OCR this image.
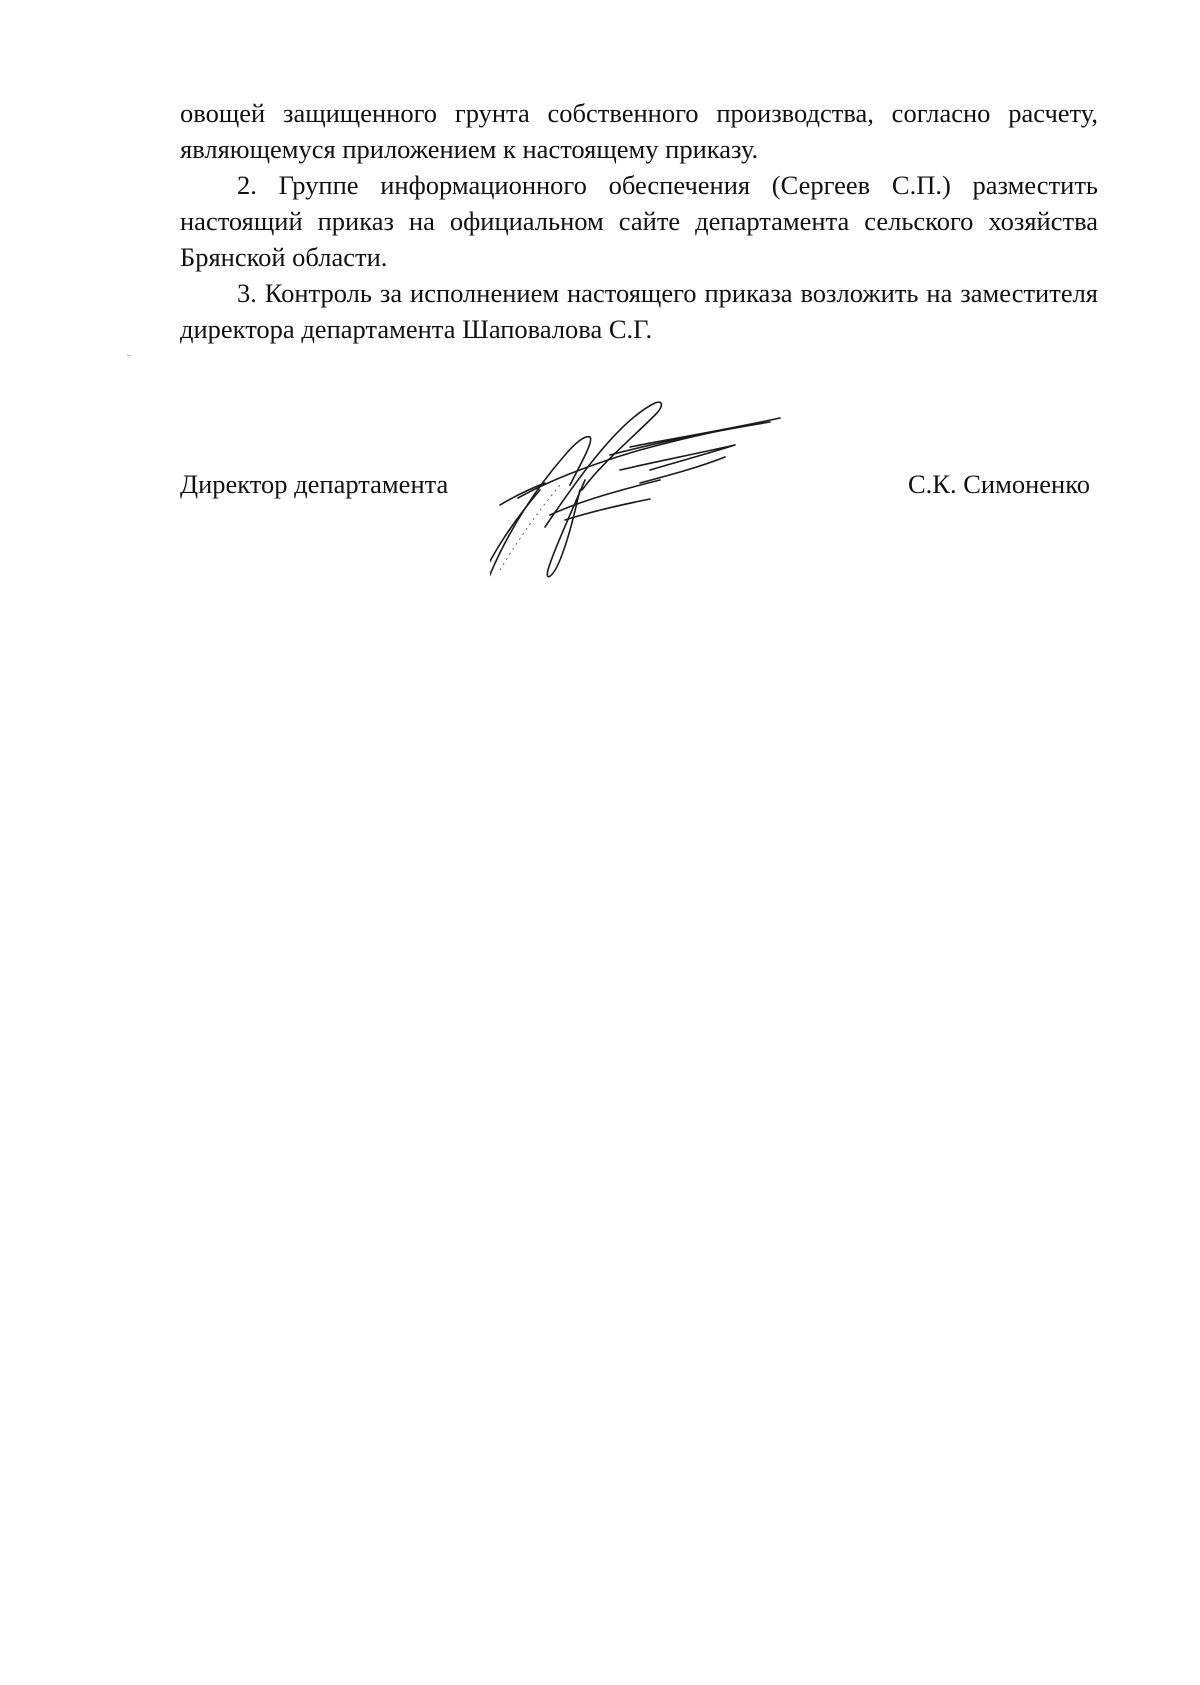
овощей защищенного грунта собственного производства, согласно расчету, являющемуся приложением к настоящему приказу.

2. Группе информационного обеспечения (Сергеев С.П.) разместить настоящий приказ на официальном сайте департамента сельского хозяйства Брянской области.

3. Контроль за исполнением настоящего приказа возложить на заместителя директора департамента Шаповалова С.Г.

Директор департамента	С.К. Симоненко
